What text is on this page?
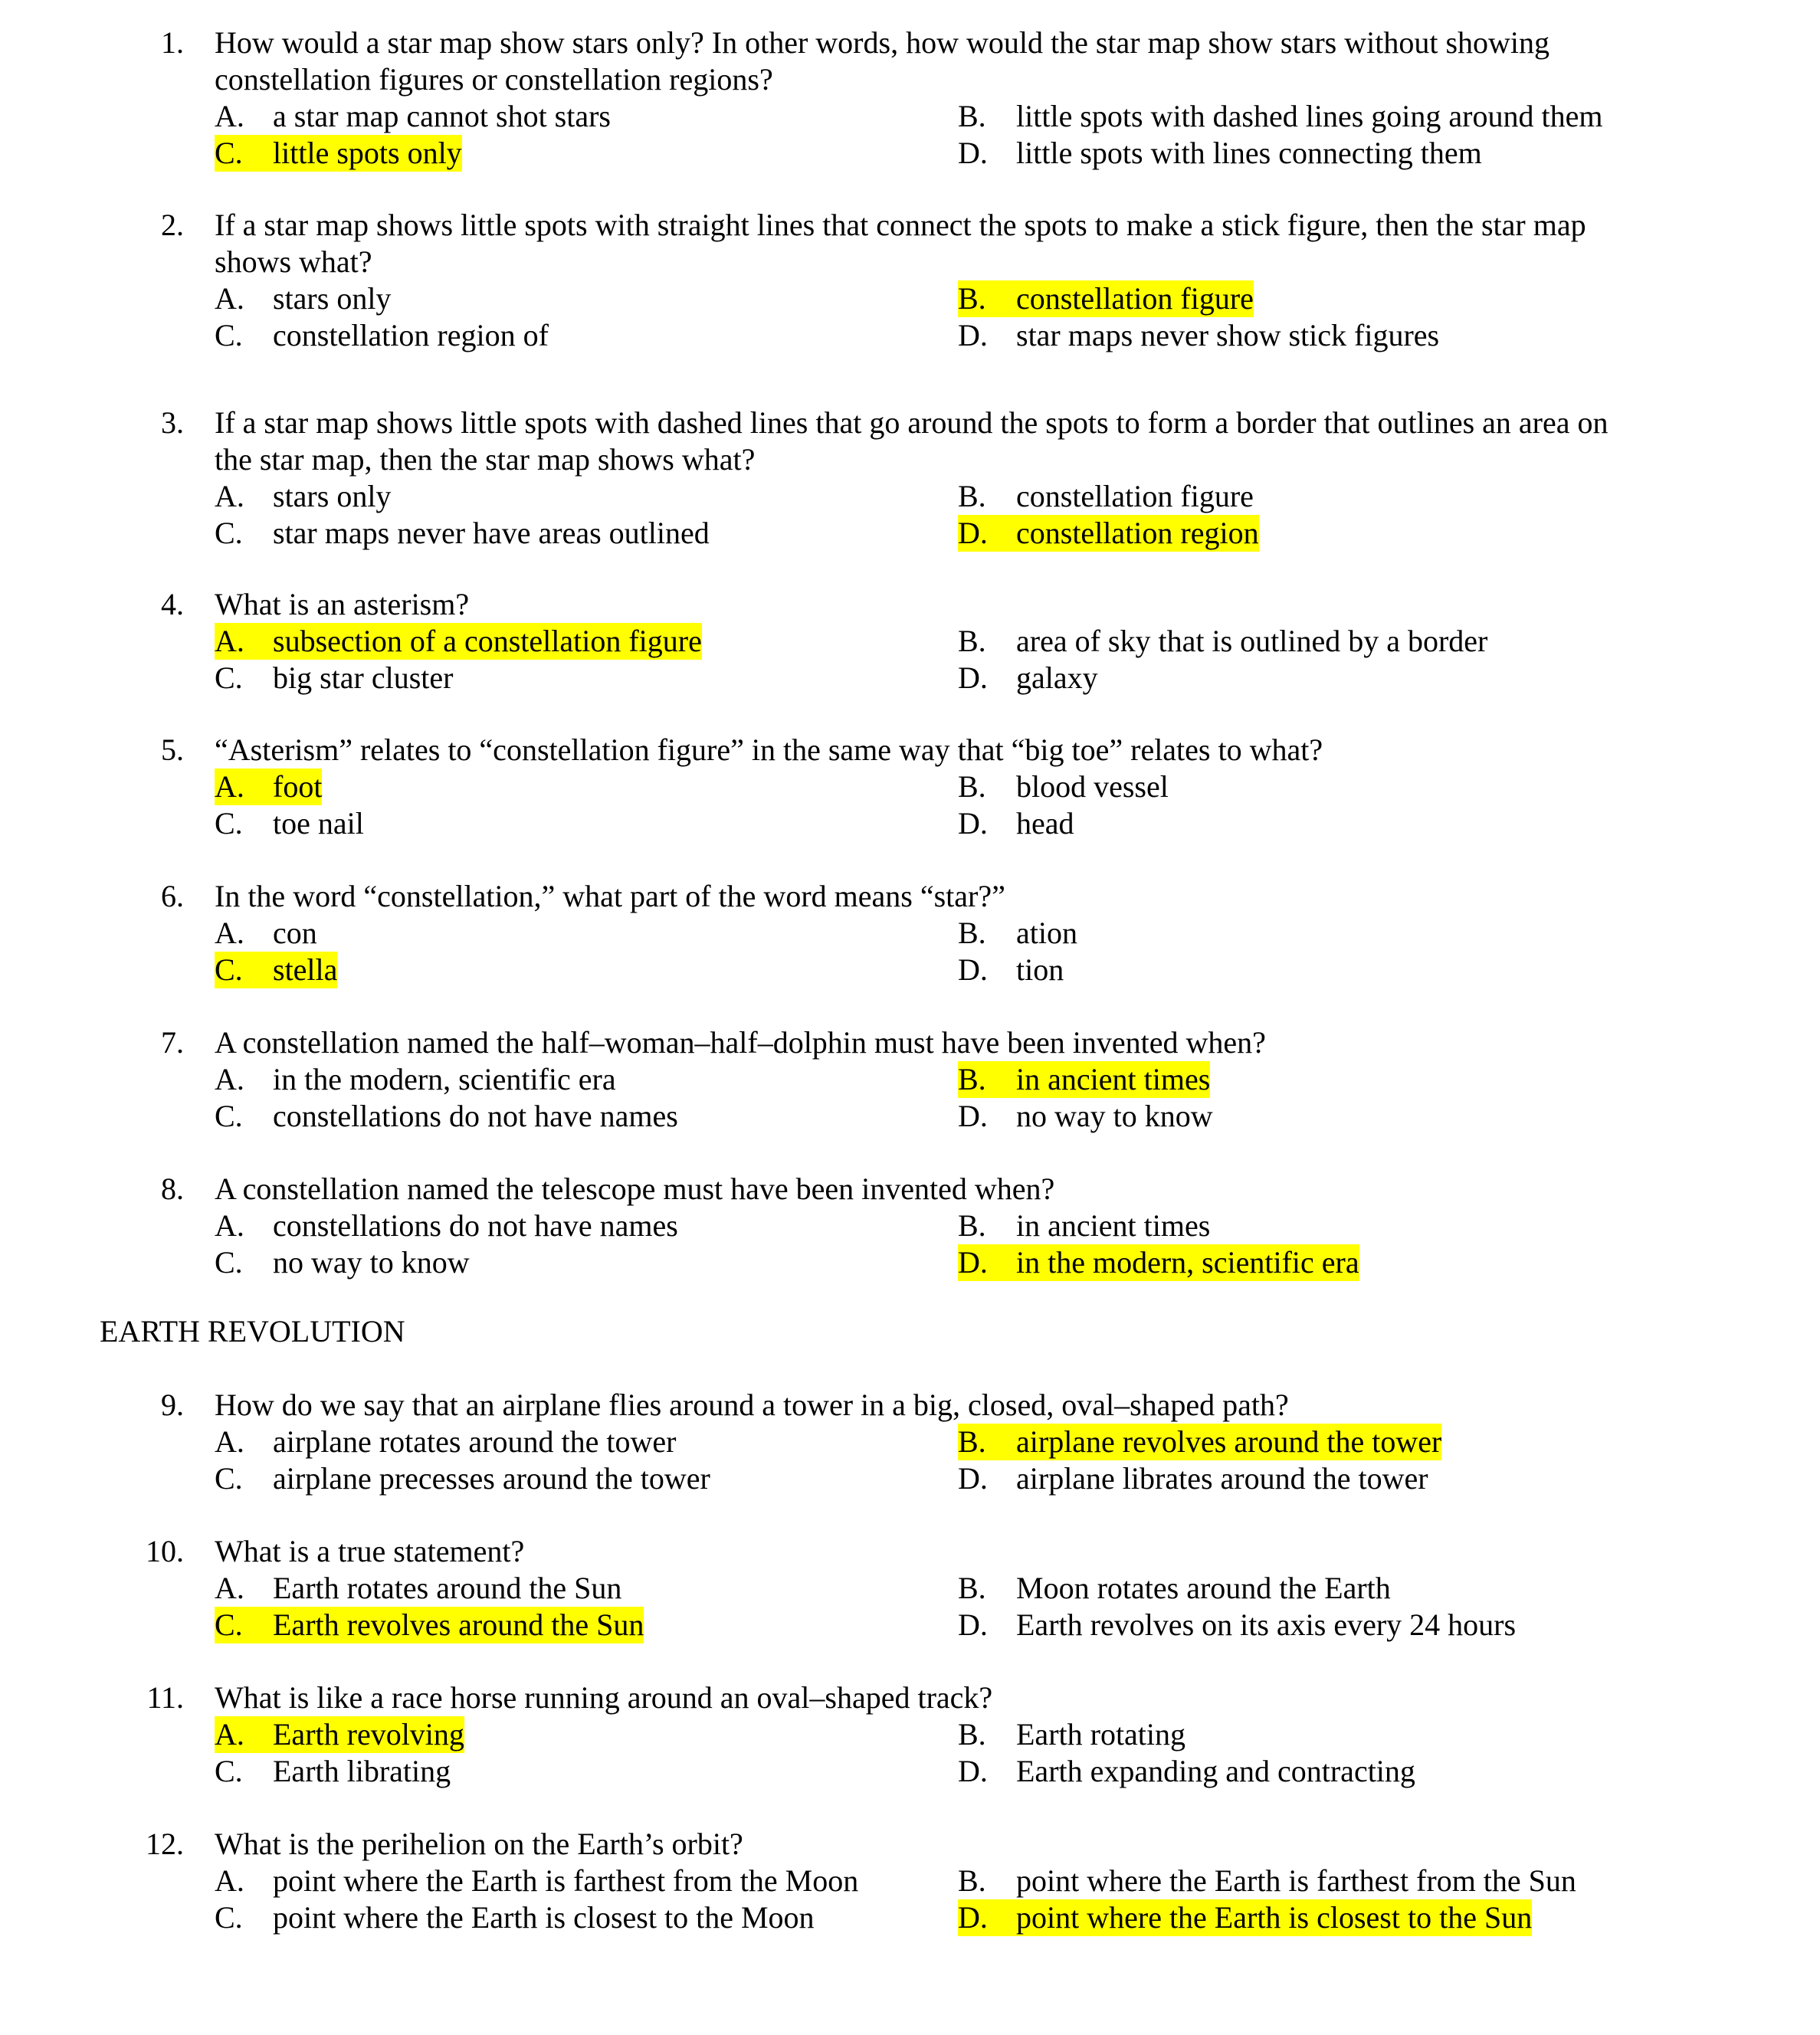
1. How would a star map show stars only? In other words, how would the star map show stars without showing
constellation figures or constellation regions?
A. a star map cannot shot stars	B. little spots with dashed lines going around them
C. little spots only	D. little spots with lines connecting them
2. If a star map shows little spots with straight lines that connect the spots to make a stick figure, then the star map
shows what?
A. stars only	B. constellation figure
C. constellation region of	D. star maps never show stick figures
3. If a star map shows little spots with dashed lines that go around the spots to form a border that outlines an area on
the star map, then the star map shows what?
A. stars only	B. constellation figure
C. star maps never have areas outlined	D. constellation region
4. What is an asterism?
A. subsection of a constellation figure	B. area of sky that is outlined by a border
C. big star cluster	D. galaxy
5. “Asterism” relates to “constellation figure” in the same way that “big toe” relates to what?
A. foot	B. blood vessel
C. toe nail	D. head
6. In the word “constellation,” what part of the word means “star?”
A. con	B. ation
C. stella	D. tion
7. A constellation named the half–woman–half–dolphin must have been invented when?
A. in the modern, scientific era	B. in ancient times
C. constellations do not have names	D. no way to know
8. A constellation named the telescope must have been invented when?
A. constellations do not have names	B. in ancient times
C. no way to know	D. in the modern, scientific era
9. How do we say that an airplane flies around a tower in a big, closed, oval–shaped path?
A. airplane rotates around the tower	B. airplane revolves around the tower
C. airplane precesses around the tower	D. airplane librates around the tower
10. What is a true statement?
A. Earth rotates around the Sun	B. Moon rotates around the Earth
C. Earth revolves around the Sun	D. Earth revolves on its axis every 24 hours
11. What is like a race horse running around an oval–shaped track?
A. Earth revolving	B. Earth rotating
C. Earth librating	D. Earth expanding and contracting
12. What is the perihelion on the Earth’s orbit?
A. point where the Earth is farthest from the Moon	B. point where the Earth is farthest from the Sun
C. point where the Earth is closest to the Moon	D. point where the Earth is closest to the Sun
EARTH REVOLUTION
